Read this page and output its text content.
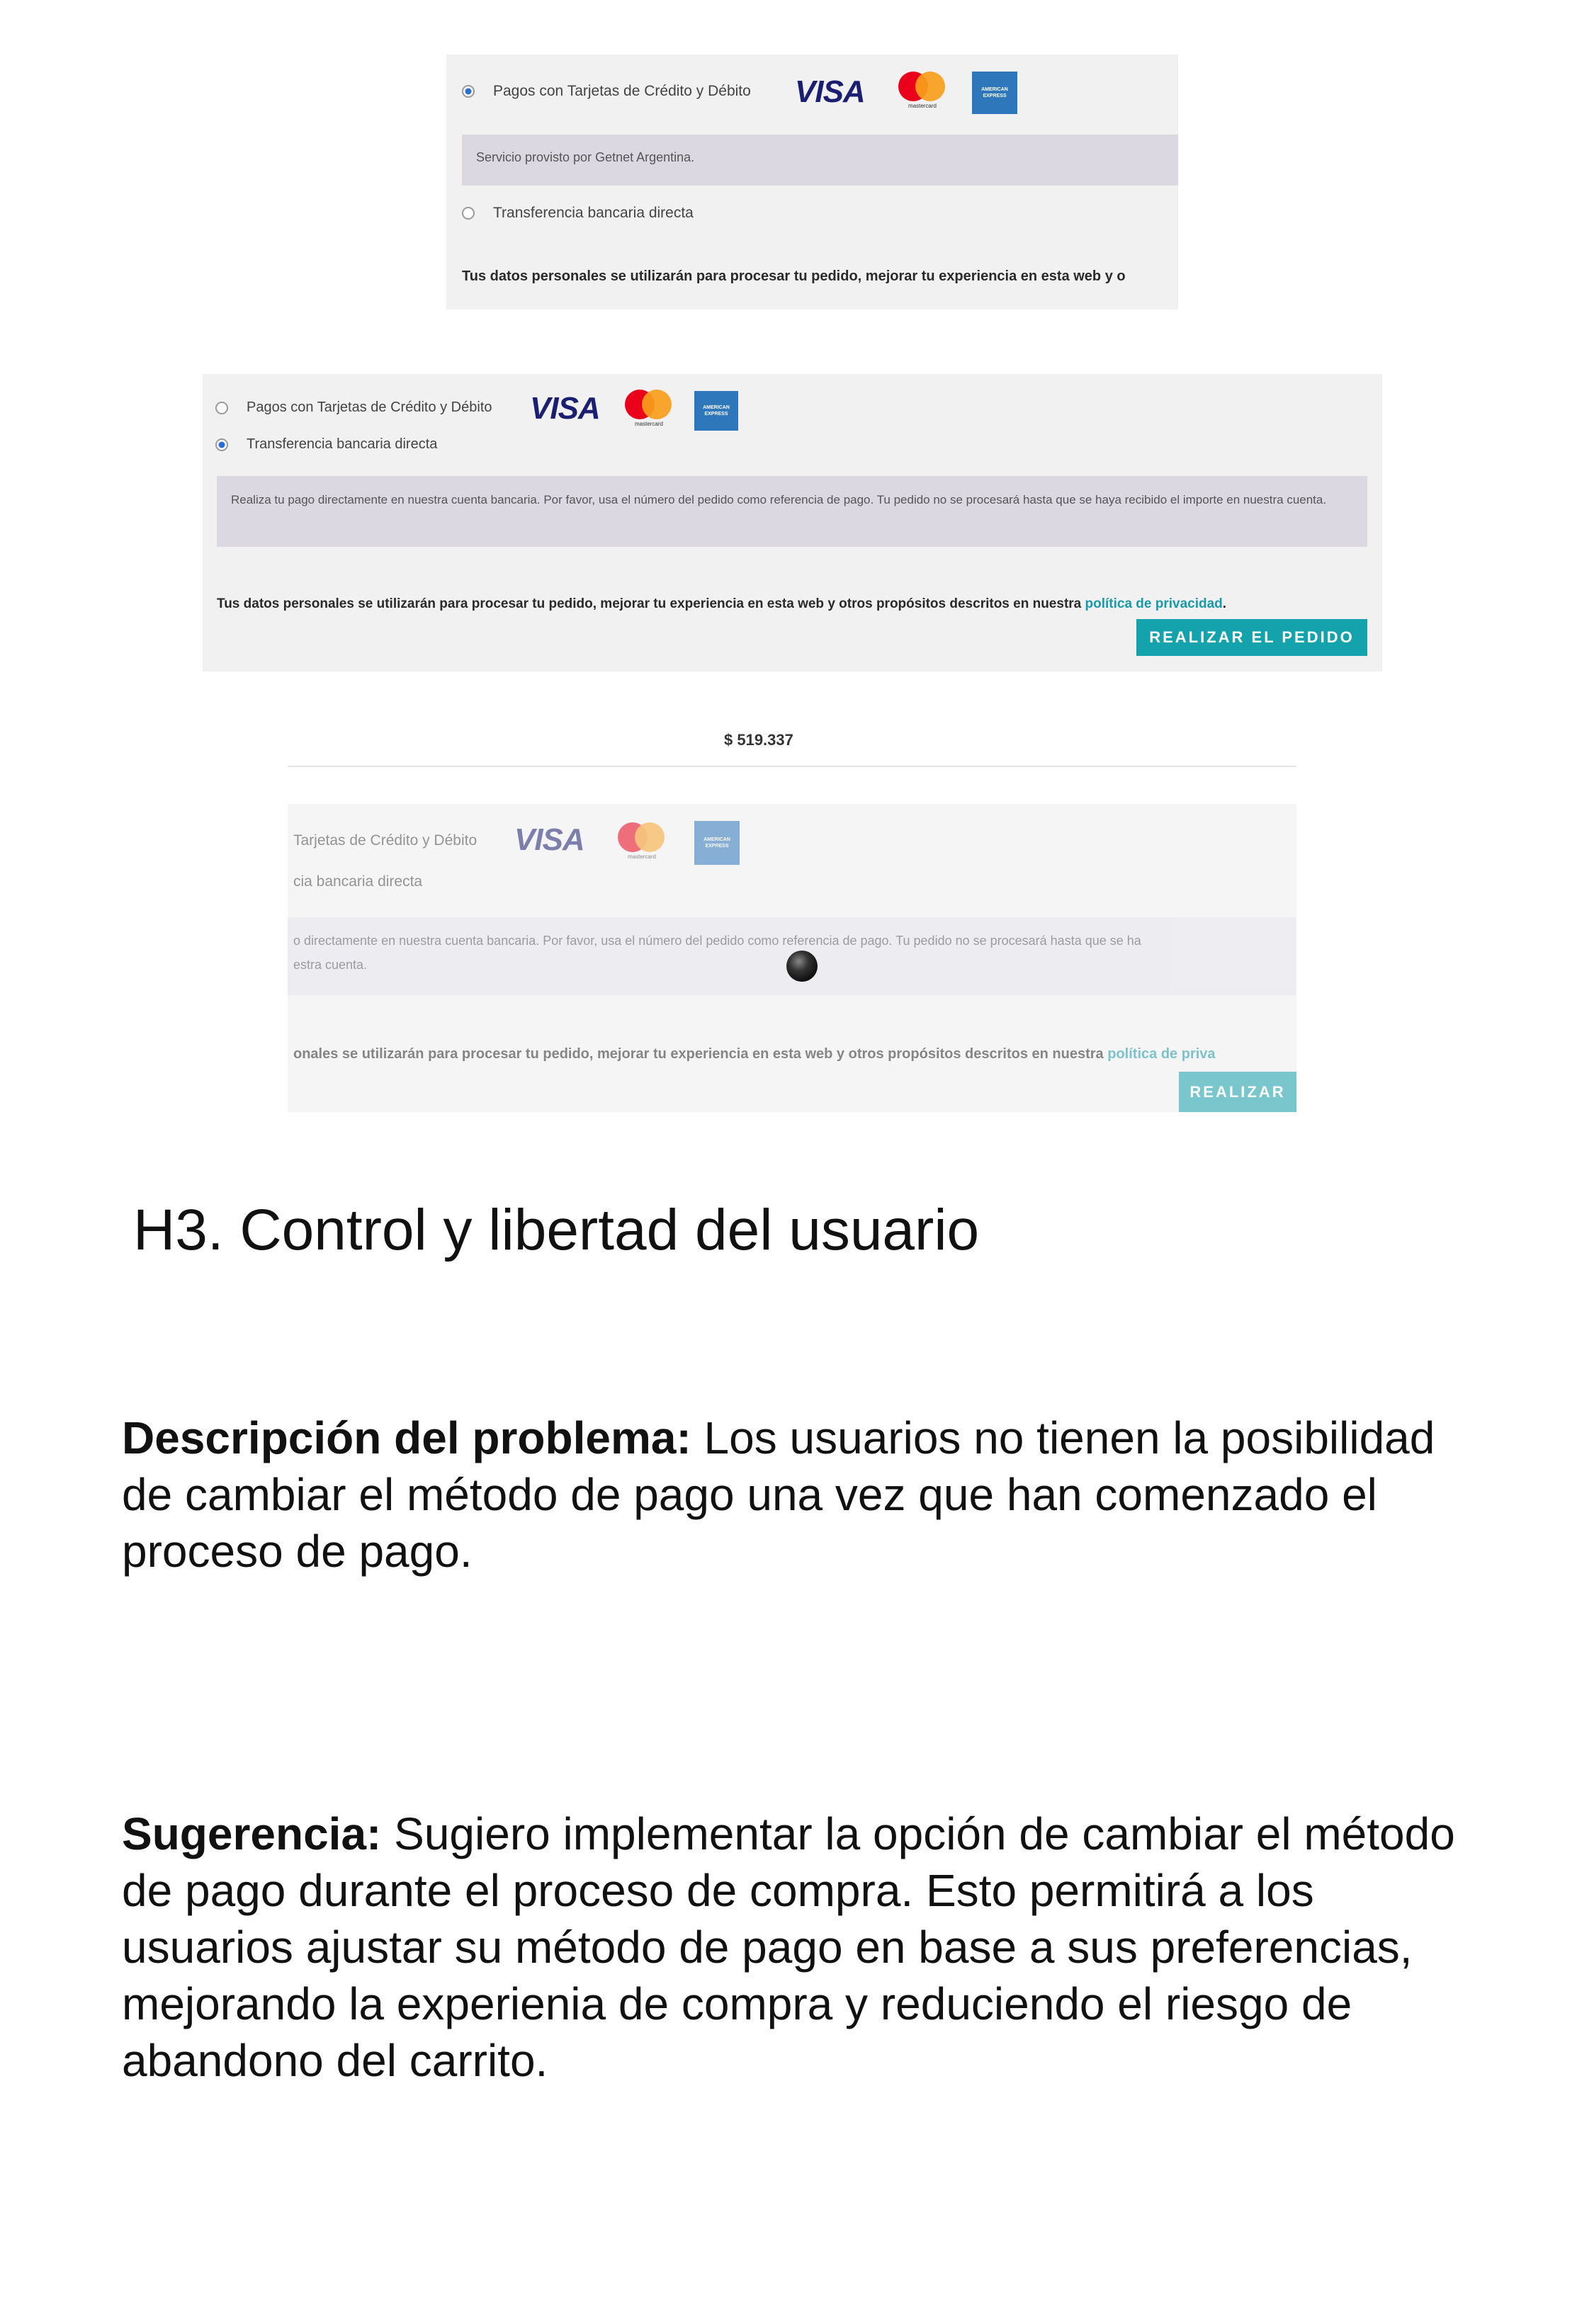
Pagos con Tarjetas de Crédito y Débito VISA	mastercard
AMERICAN EXPRESS
Servicio provisto por Getnet Argentina.
Transferencia bancaria directa
Tus datos personales se utilizarán para procesar tu pedido, mejorar tu experiencia en esta web y o
Pagos con Tarjetas de Crédito y Débito VISA	mastercard
AMERICAN EXPRESS
Transferencia bancaria directa
Realiza tu pago directamente en nuestra cuenta bancaria. Por favor, usa el número del pedido como referencia de pago. Tu pedido no se procesará hasta que se haya recibido el importe en nuestra cuenta.
Tus datos personales se utilizarán para procesar tu pedido, mejorar tu experiencia en esta web y otros propósitos descritos en nuestra política de privacidad.
REALIZAR EL PEDIDO
$ 519.337
Tarjetas de Crédito y Débito VISA	mastercard
AMERICAN EXPRESS
cia bancaria directa
o directamente en nuestra cuenta bancaria. Por favor, usa el número del pedido como referencia de pago. Tu pedido no se procesará hasta que se ha
estra cuenta.
onales se utilizarán para procesar tu pedido, mejorar tu experiencia en esta web y otros propósitos descritos en nuestra política de priva
REALIZAR
H3. Control y libertad del usuario

Descripción del problema: Los usuarios no tienen la posibilidad de cambiar el método de pago una vez que han comenzado el proceso de pago.

Sugerencia: Sugiero implementar la opción de cambiar el método de pago durante el proceso de compra. Esto permitirá a los usuarios ajustar su método de pago en base a sus preferencias, mejorando la experienia de compra y reduciendo el riesgo de abandono del carrito.
